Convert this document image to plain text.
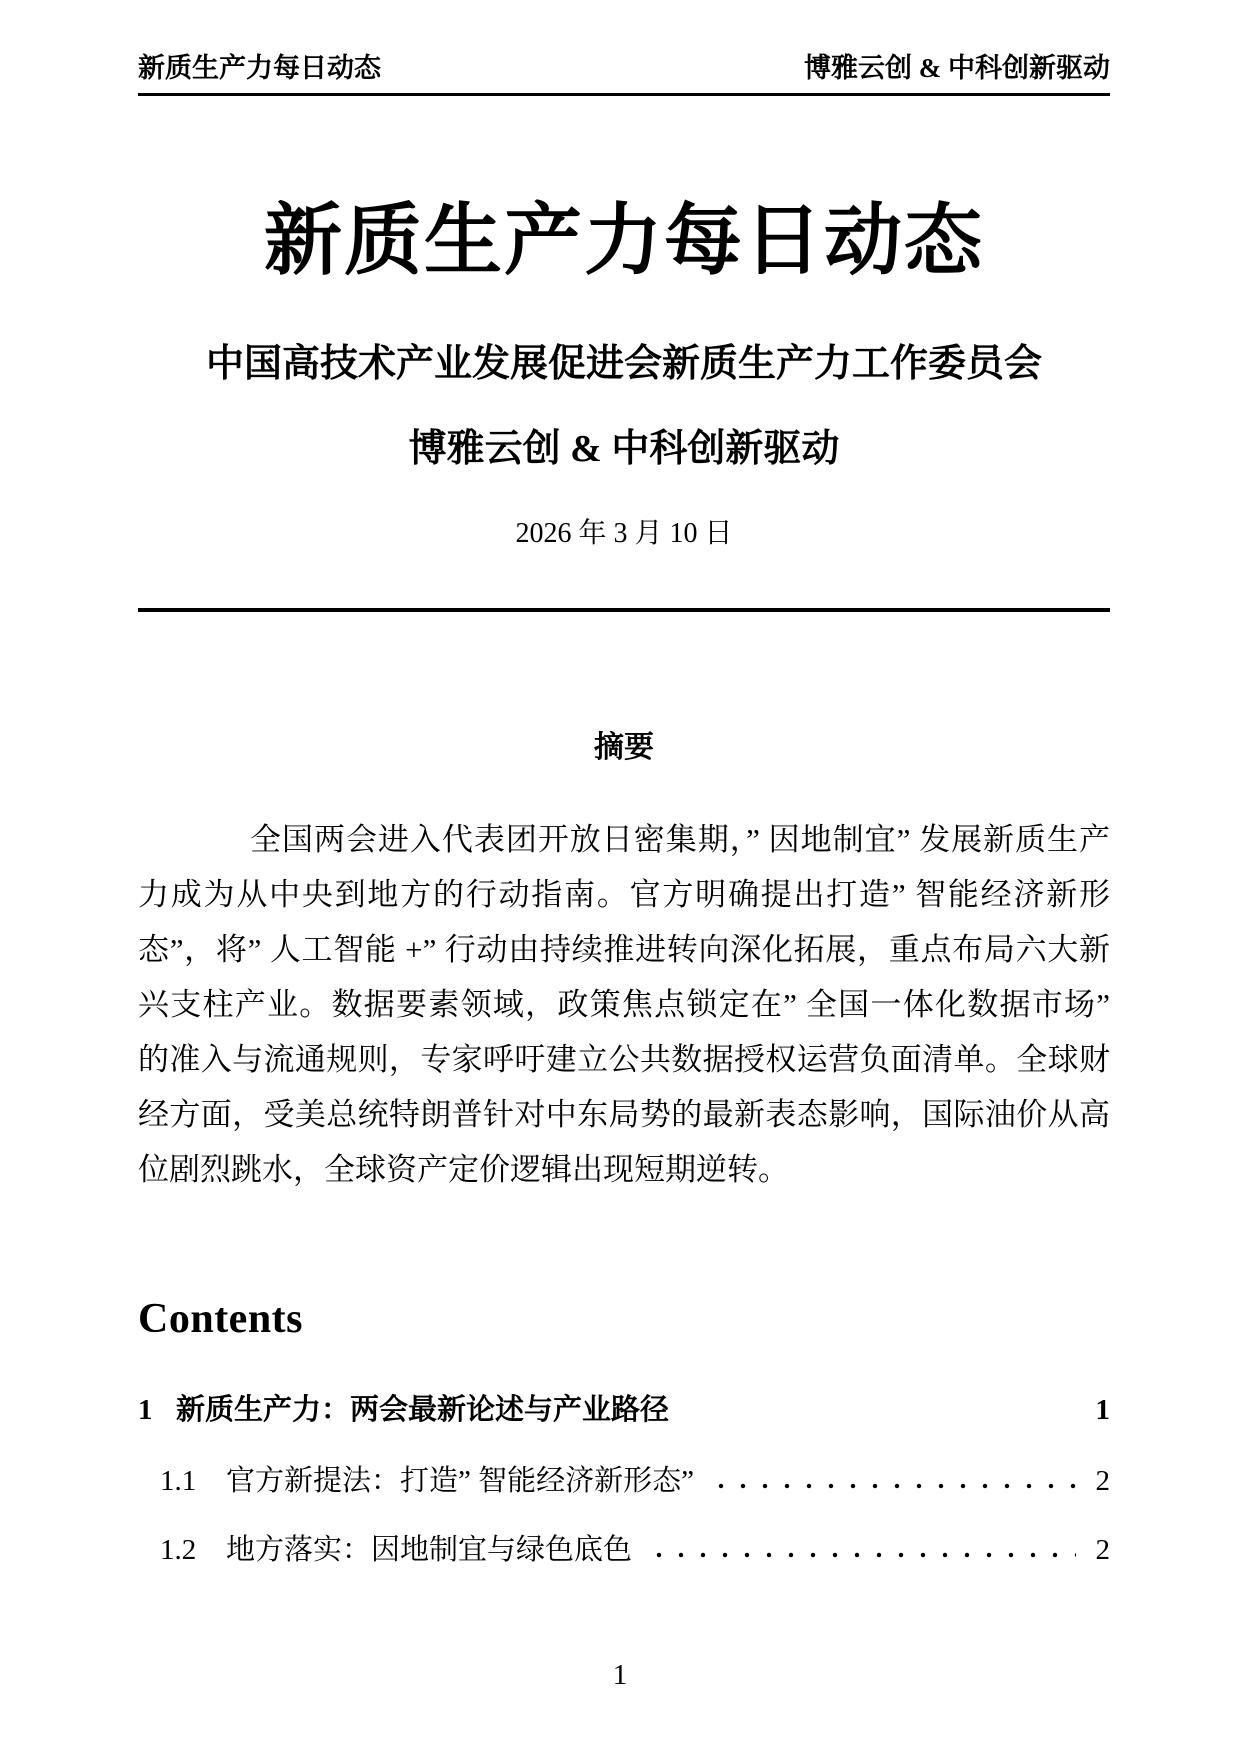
新质生产力每日动态	博雅云创 & 中科创新驱动
新质生产力每日动态
中国高技术产业发展促进会新质生产力工作委员会
博雅云创 & 中科创新驱动
2026 年 3 月 10 日
摘要
全国两会进入代表团开放日密集期，” 因地制宜” 发展新质生产力成为从中央到地方的行动指南。官方明确提出打造” 智能经济新形态”，将” 人工智能 +” 行动由持续推进转向深化拓展，重点布局六大新兴支柱产业。数据要素领域，政策焦点锁定在” 全国一体化数据市场” 的准入与流通规则，专家呼吁建立公共数据授权运营负面清单。全球财经方面，受美总统特朗普针对中东局势的最新表态影响，国际油价从高位剧烈跳水，全球资产定价逻辑出现短期逆转。
Contents
1 新质生产力：两会最新论述与产业路径	1
1.1	官方新提法：打造” 智能经济新形态”	2
1.2	地方落实：因地制宜与绿色底色	2
1
